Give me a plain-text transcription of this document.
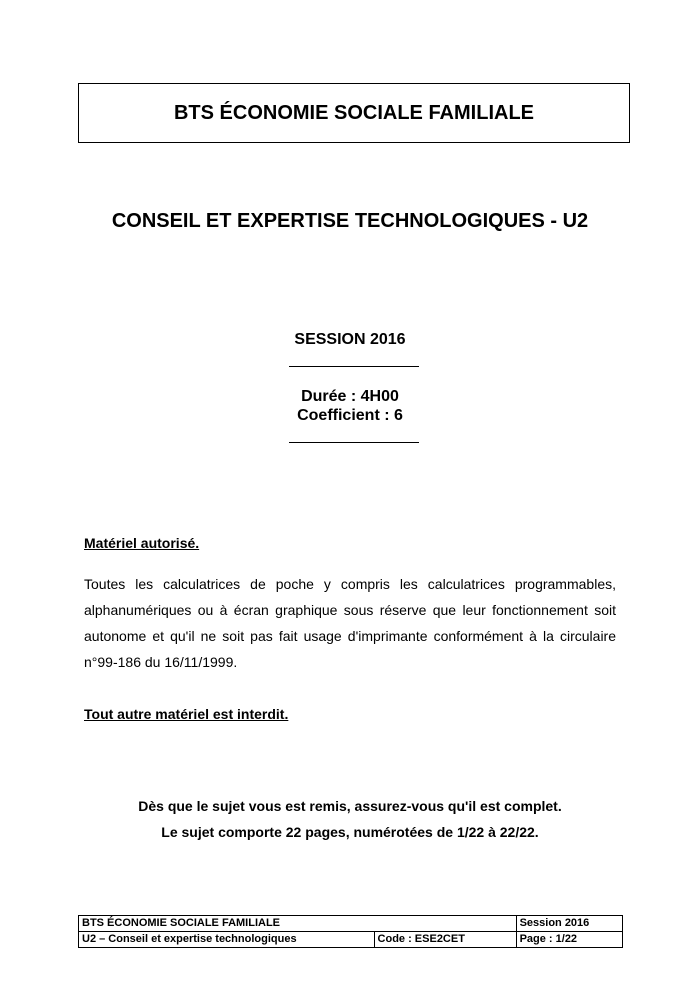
BTS ÉCONOMIE SOCIALE FAMILIALE
CONSEIL ET EXPERTISE TECHNOLOGIQUES - U2
SESSION 2016
Durée : 4H00
Coefficient : 6
Matériel autorisé.
Toutes les calculatrices de poche y compris les calculatrices programmables, alphanumériques ou à écran graphique sous réserve que leur fonctionnement soit autonome et qu'il ne soit pas fait usage d'imprimante conformément à la circulaire n°99-186 du 16/11/1999.
Tout autre matériel est interdit.
Dès que le sujet vous est remis, assurez-vous qu'il est complet.
Le sujet comporte 22 pages, numérotées de 1/22 à 22/22.
BTS ÉCONOMIE SOCIALE FAMILIALE		Session 2016
U2 – Conseil et expertise technologiques	Code : ESE2CET	Page : 1/22
